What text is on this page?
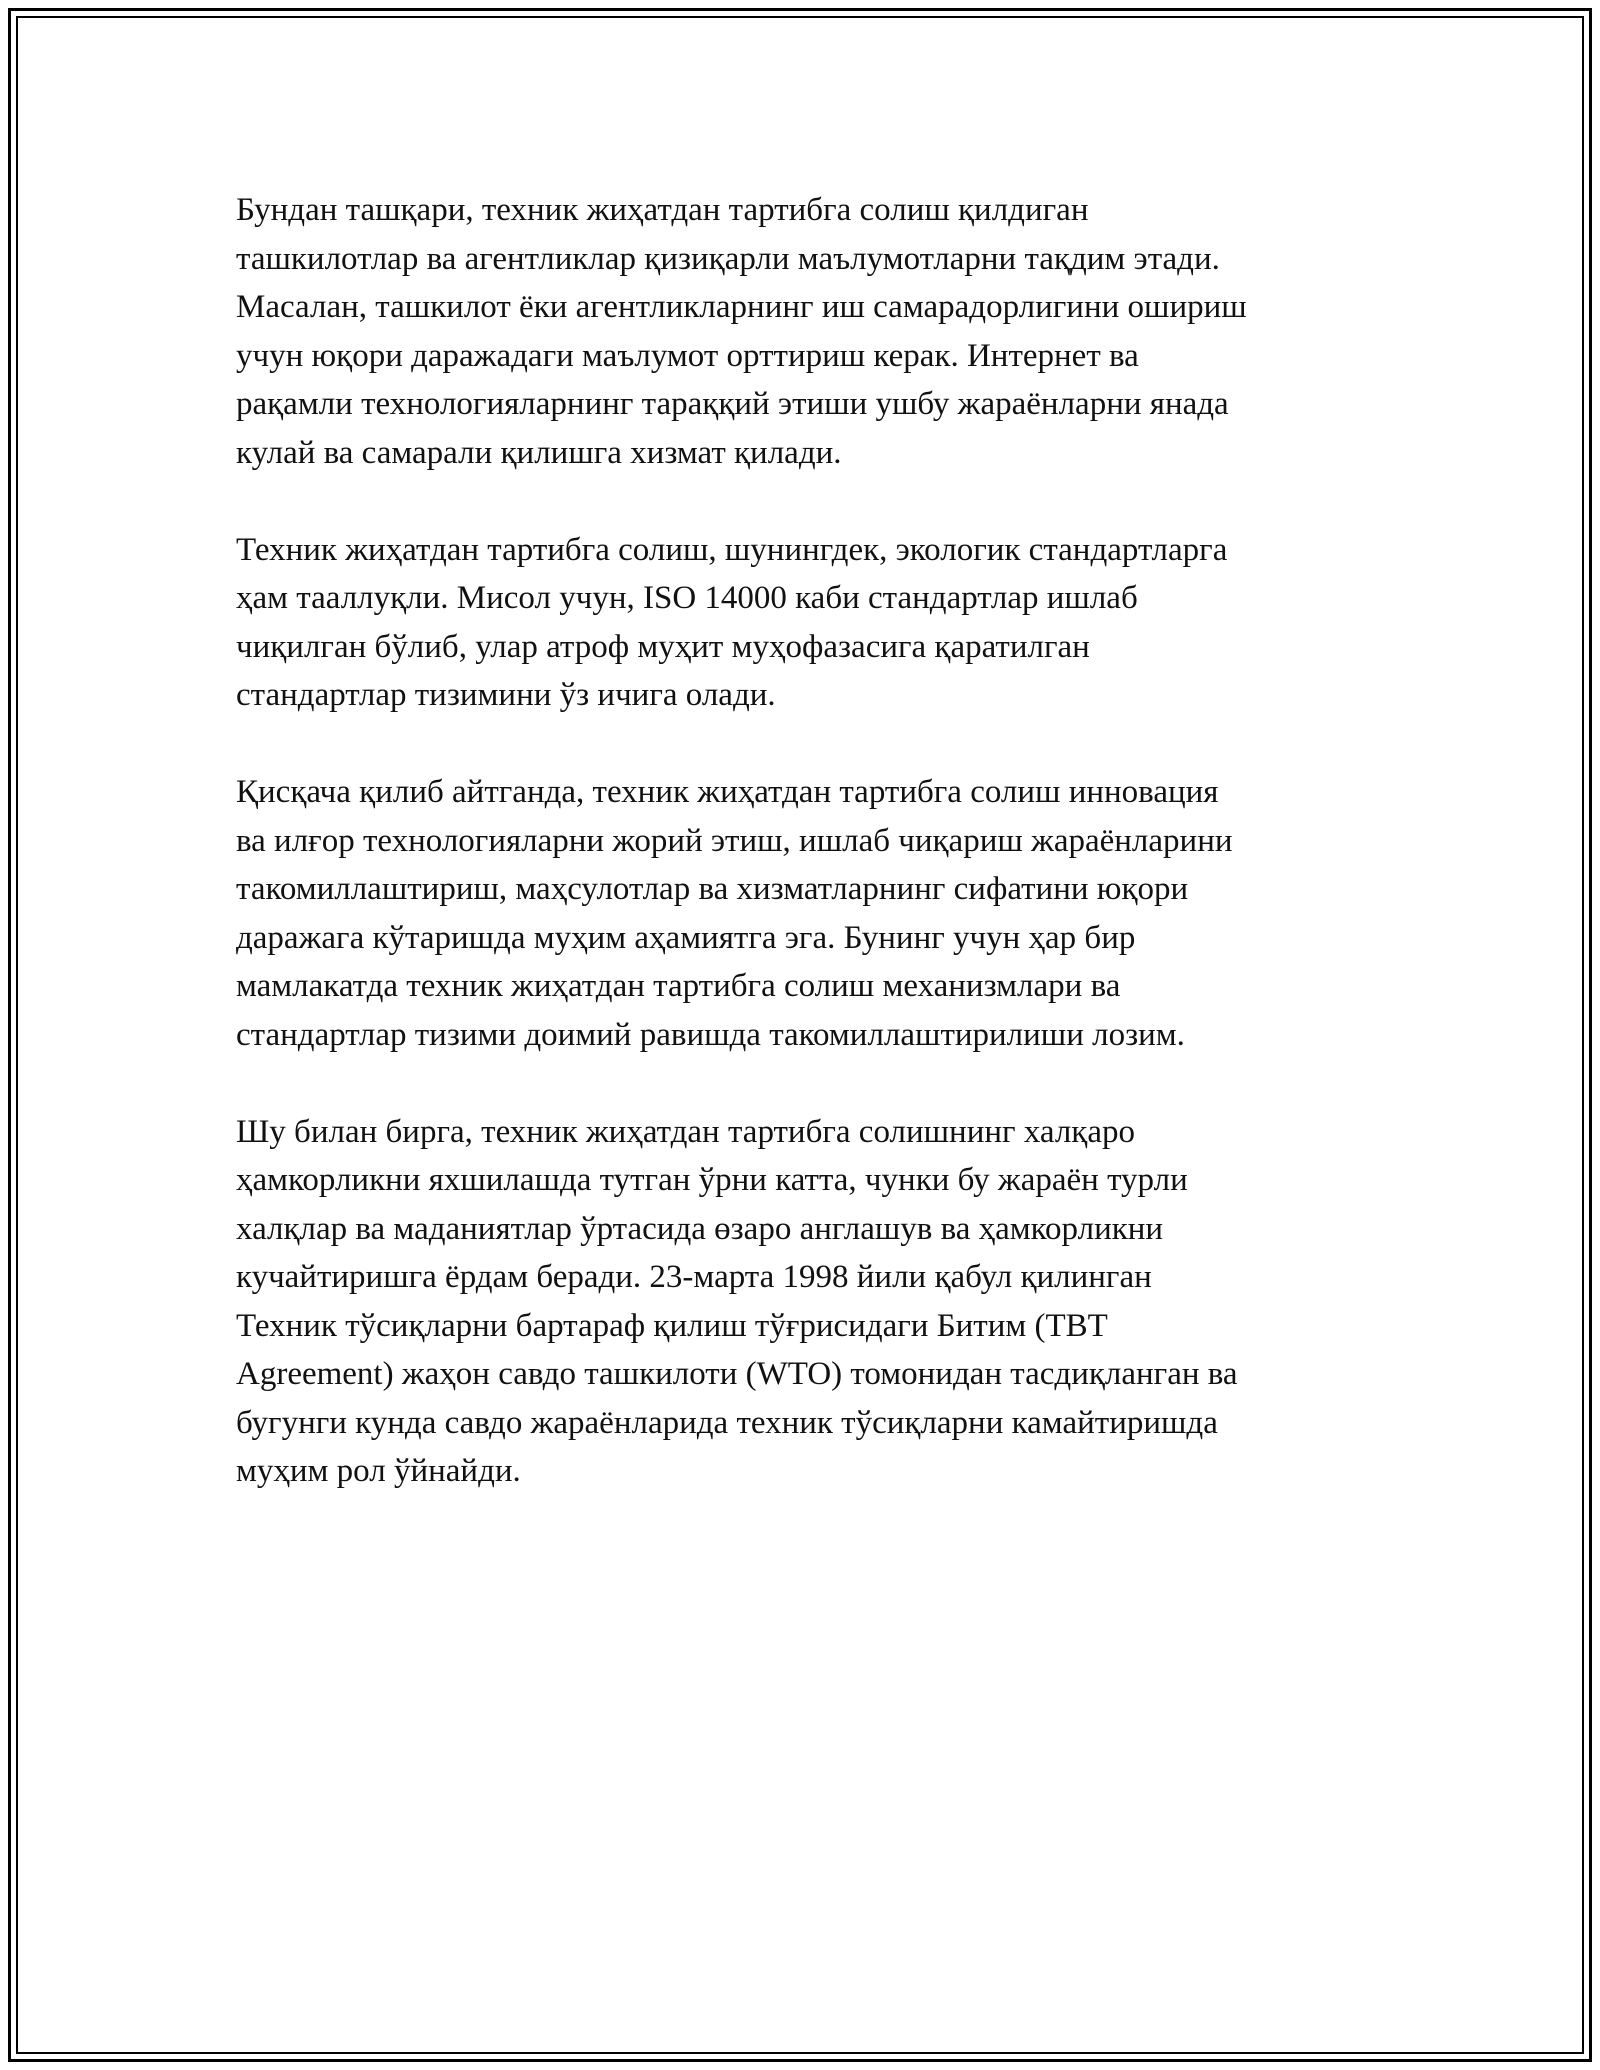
Бундан ташқари, техник жиҳатдан тартибга солиш қилдиган
ташкилотлар ва агентликлар қизиқарли маълумотларни тақдим этади.
Масалан, ташкилот ёки агентликларнинг иш самарадорлигини ошириш
учун юқори даражадаги маълумот орттириш керак. Интернет ва
рақамли технологияларнинг тараққий этиши ушбу жараёнларни янада
кулай ва самарали қилишга хизмат қилади.

Техник жиҳатдан тартибга солиш, шунингдек, экологик стандартларга
ҳам тааллуқли. Мисол учун, ISO 14000 каби стандартлар ишлаб
чиқилган бўлиб, улар атроф муҳит муҳофазасига қаратилган
стандартлар тизимини ўз ичига олади.

Қисқача қилиб айтганда, техник жиҳатдан тартибга солиш инновация
ва илғор технологияларни жорий этиш, ишлаб чиқариш жараёнларини
такомиллаштириш, маҳсулотлар ва хизматларнинг сифатини юқори
даражага кўтаришда муҳим аҳамиятга эга. Бунинг учун ҳар бир
мамлакатда техник жиҳатдан тартибга солиш механизмлари ва
стандартлар тизими доимий равишда такомиллаштирилиши лозим.

Шу билан бирга, техник жиҳатдан тартибга солишнинг халқаро
ҳамкорликни яхшилашда тутган ўрни катта, чунки бу жараён турли
халқлар ва маданиятлар ўртасида өзаро англашув ва ҳамкорликни
кучайтиришга ёрдам беради. 23-марта 1998 йили қабул қилинган
Техник тўсиқларни бартараф қилиш тўғрисидаги Битим (TBT
Agreement) жаҳон савдо ташкилоти (WTO) томонидан тасдиқланган ва
бугунги кунда савдо жараёнларида техник тўсиқларни камайтиришда
муҳим рол ўйнайди.
